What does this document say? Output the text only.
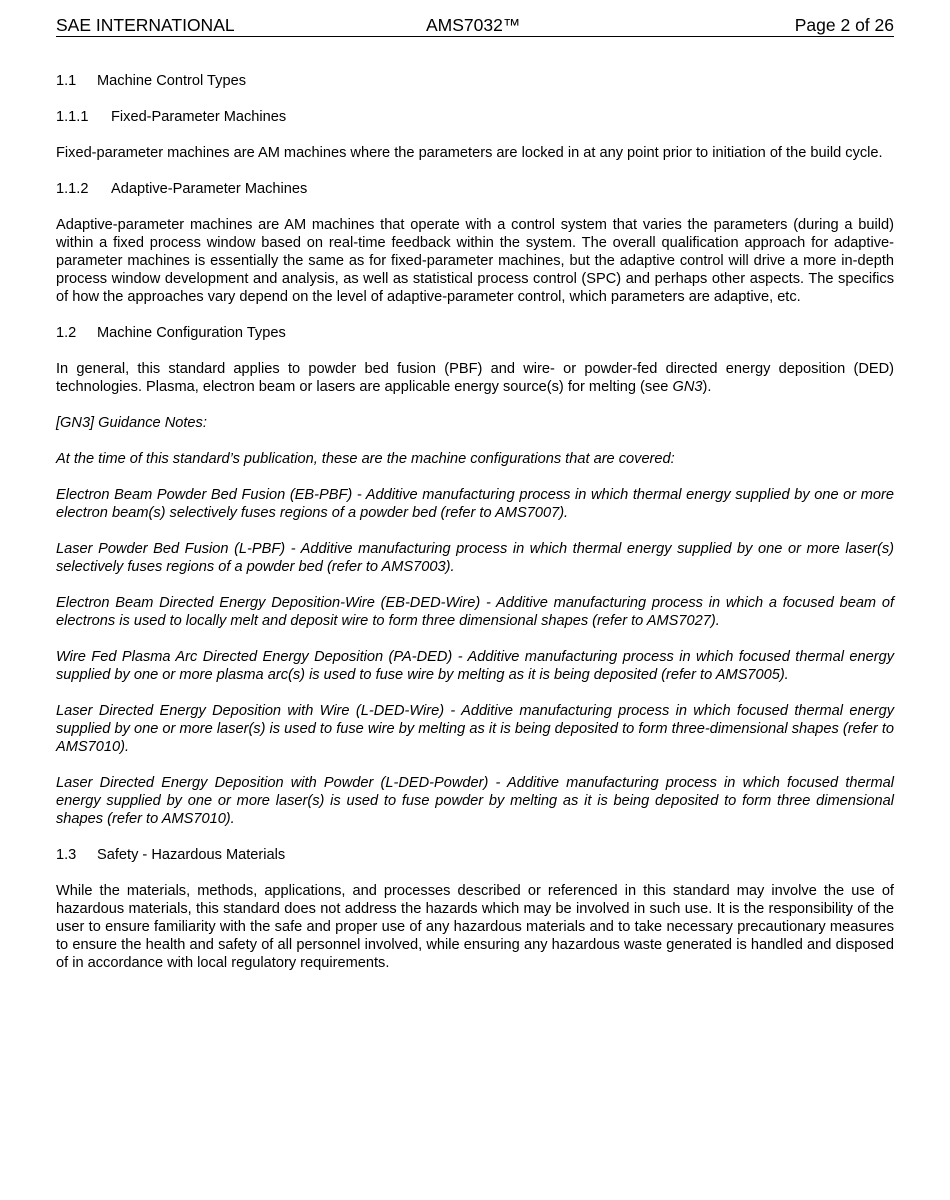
SAE INTERNATIONAL	AMS7032™	Page 2 of 26
1.1	Machine Control Types
1.1.1	Fixed-Parameter Machines

Fixed-parameter machines are AM machines where the parameters are locked in at any point prior to initiation of the build cycle.

1.1.2	Adaptive-Parameter Machines

Adaptive-parameter machines are AM machines that operate with a control system that varies the parameters (during a build) within a fixed process window based on real-time feedback within the system. The overall qualification approach for adaptive-parameter machines is essentially the same as for fixed-parameter machines, but the adaptive control will drive a more in-depth process window development and analysis, as well as statistical process control (SPC) and perhaps other aspects. The specifics of how the approaches vary depend on the level of adaptive-parameter control, which parameters are adaptive, etc.

1.2	Machine Configuration Types

In general, this standard applies to powder bed fusion (PBF) and wire- or powder-fed directed energy deposition (DED) technologies. Plasma, electron beam or lasers are applicable energy source(s) for melting (see GN3).

[GN3] Guidance Notes:

At the time of this standard’s publication, these are the machine configurations that are covered:

Electron Beam Powder Bed Fusion (EB-PBF) - Additive manufacturing process in which thermal energy supplied by one or more electron beam(s) selectively fuses regions of a powder bed (refer to AMS7007).

Laser Powder Bed Fusion (L-PBF) - Additive manufacturing process in which thermal energy supplied by one or more laser(s) selectively fuses regions of a powder bed (refer to AMS7003).

Electron Beam Directed Energy Deposition-Wire (EB-DED-Wire) - Additive manufacturing process in which a focused beam of electrons is used to locally melt and deposit wire to form three dimensional shapes (refer to AMS7027).

Wire Fed Plasma Arc Directed Energy Deposition (PA-DED) - Additive manufacturing process in which focused thermal energy supplied by one or more plasma arc(s) is used to fuse wire by melting as it is being deposited (refer to AMS7005).

Laser Directed Energy Deposition with Wire (L-DED-Wire) - Additive manufacturing process in which focused thermal energy supplied by one or more laser(s) is used to fuse wire by melting as it is being deposited to form three-dimensional shapes (refer to AMS7010).

Laser Directed Energy Deposition with Powder (L-DED-Powder) - Additive manufacturing process in which focused thermal energy supplied by one or more laser(s) is used to fuse powder by melting as it is being deposited to form three dimensional shapes (refer to AMS7010).

1.3	Safety - Hazardous Materials

While the materials, methods, applications, and processes described or referenced in this standard may involve the use of hazardous materials, this standard does not address the hazards which may be involved in such use. It is the responsibility of the user to ensure familiarity with the safe and proper use of any hazardous materials and to take necessary precautionary measures to ensure the health and safety of all personnel involved, while ensuring any hazardous waste generated is handled and disposed of in accordance with local regulatory requirements.
